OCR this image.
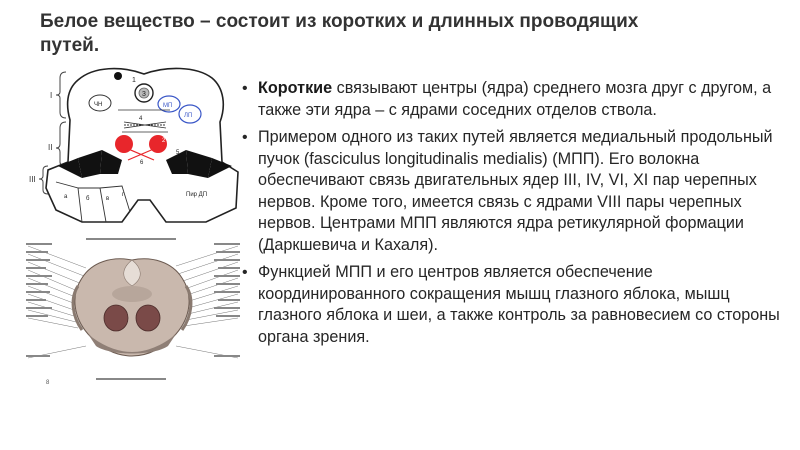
Белое вещество – состоит из коротких и длинных проводящих путей.
I
II
III
1
3
ЧН	МП
ЛП
4
2
6
5
а	б	в
г	Пир ДП
8
• Короткие связывают центры (ядра) среднего мозга друг с другом, а также эти ядра – с ядрами соседних отделов ствола.
• Примером одного из таких путей является медиальный продольный пучок (fasciculus longitudinalis medialis) (МПП). Его волокна обеспечивают связь двигательных ядер III, IV, VI, XI пар черепных нервов. Кроме того, имеется связь с ядрами VIII пары черепных нервов. Центрами МПП являются ядра ретикулярной формации (Даркшевича и Кахаля).
• Функцией МПП и его центров является обеспечение координированного сокращения мышц глазного яблока, мышц глазного яблока и шеи, а также контроль за равновесием со стороны органа зрения.
